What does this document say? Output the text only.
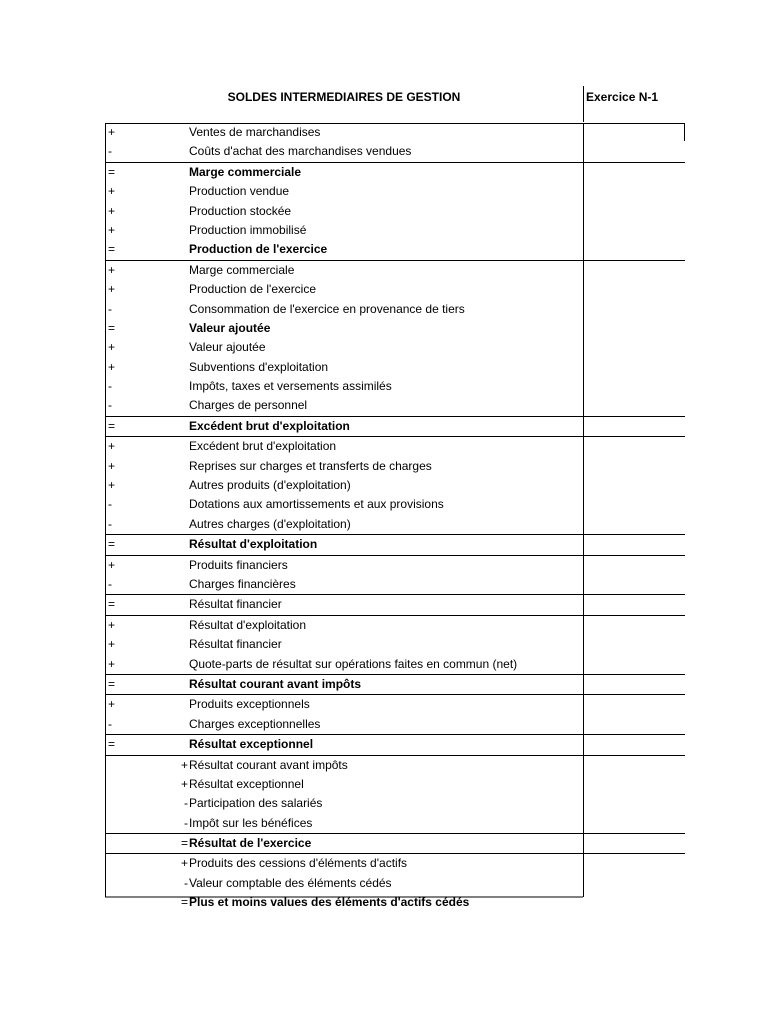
SOLDES INTERMEDIAIRES DE GESTION	Exercice N-1
+	Ventes de marchandises
-	Coûts d'achat des marchandises vendues
=	Marge commerciale
+	Production vendue
+	Production stockée
+	Production immobilisé
=	Production de l'exercice
+	Marge commerciale
+	Production de l'exercice
-	Consommation de l'exercice en provenance de tiers
=	Valeur ajoutée
+	Valeur ajoutée
+	Subventions d'exploitation
-	Impôts, taxes et versements assimilés
-	Charges de personnel
=	Excédent brut d'exploitation
+	Excédent brut d'exploitation
+	Reprises sur charges et transferts de charges
+	Autres produits (d'exploitation)
-	Dotations aux amortissements et aux provisions
-	Autres charges (d'exploitation)
=	Résultat d'exploitation
+	Produits financiers
-	Charges financières
=	Résultat financier
+	Résultat d'exploitation
+	Résultat financier
+	Quote-parts de résultat sur opérations faites en commun (net)
=	Résultat courant avant impôts
+	Produits exceptionnels
-	Charges exceptionnelles
=	Résultat exceptionnel
+ Résultat courant avant impôts
+ Résultat exceptionnel
- Participation des salariés
- Impôt sur les bénéfices
= Résultat de l'exercice
+ Produits des cessions d'éléments d'actifs
- Valeur comptable des éléments cédés
= Plus et moins values des éléments d'actifs cédés
